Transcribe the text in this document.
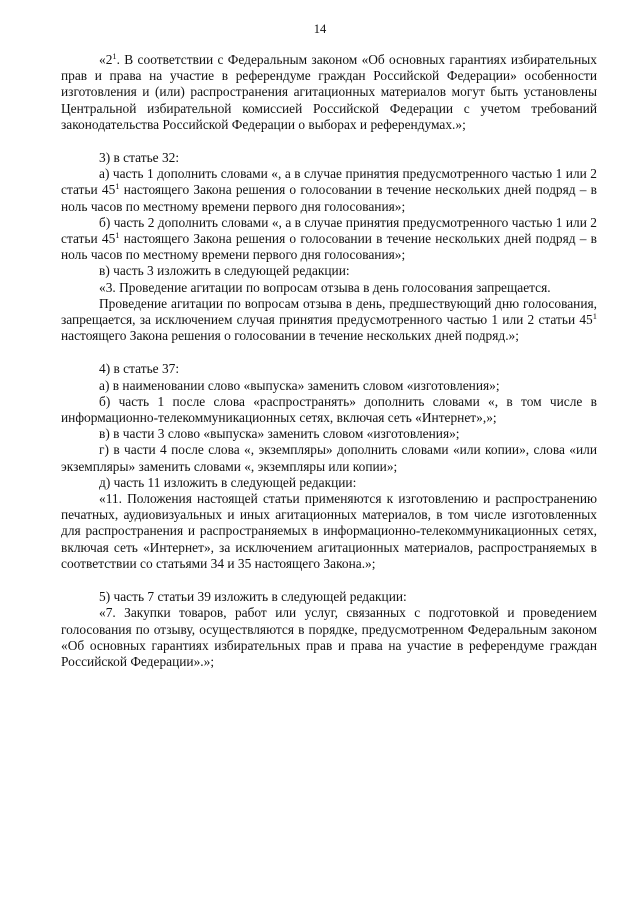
14

«$2^1$. В соответствии с Федеральным законом «Об основных гарантиях избирательных прав и права на участие в референдуме граждан Российской Федерации» особенности изготовления и (или) распространения агитационных материалов могут быть установлены Центральной избирательной комиссией Российской Федерации с учетом требований законодательства Российской Федерации о выборах и референдумах.»;

3) в статье 32:

а) часть 1 дополнить словами «, а в случае принятия предусмотренного частью 1 или 2 статьи $45^1$ настоящего Закона решения о голосовании в течение нескольких дней подряд – в ноль часов по местному времени первого дня голосования»;

б) часть 2 дополнить словами «, а в случае принятия предусмотренного частью 1 или 2 статьи $45^1$ настоящего Закона решения о голосовании в течение нескольких дней подряд – в ноль часов по местному времени первого дня голосования»;

в) часть 3 изложить в следующей редакции:

«3. Проведение агитации по вопросам отзыва в день голосования запрещается.

Проведение агитации по вопросам отзыва в день, предшествующий дню голосования, запрещается, за исключением случая принятия предусмотренного частью 1 или 2 статьи $45^1$ настоящего Закона решения о голосовании в течение нескольких дней подряд.»;

4) в статье 37:

а) в наименовании слово «выпуска» заменить словом «изготовления»;

б) часть 1 после слова «распространять» дополнить словами «, в том числе в информационно-телекоммуникационных сетях, включая сеть «Интернет»,»;

в) в части 3 слово «выпуска» заменить словом «изготовления»;

г) в части 4 после слова «, экземпляры» дополнить словами «или копии», слова «или экземпляры» заменить словами «, экземпляры или копии»;

д) часть 11 изложить в следующей редакции:

«11. Положения настоящей статьи применяются к изготовлению и распространению печатных, аудиовизуальных и иных агитационных материалов, в том числе изготовленных для распространения и распространяемых в информационно-телекоммуникационных сетях, включая сеть «Интернет», за исключением агитационных материалов, распространяемых в соответствии со статьями 34 и 35 настоящего Закона.»;

5) часть 7 статьи 39 изложить в следующей редакции:

«7. Закупки товаров, работ или услуг, связанных с подготовкой и проведением голосования по отзыву, осуществляются в порядке, предусмотренном Федеральным законом «Об основных гарантиях избирательных прав и права на участие в референдуме граждан Российской Федерации».»;
